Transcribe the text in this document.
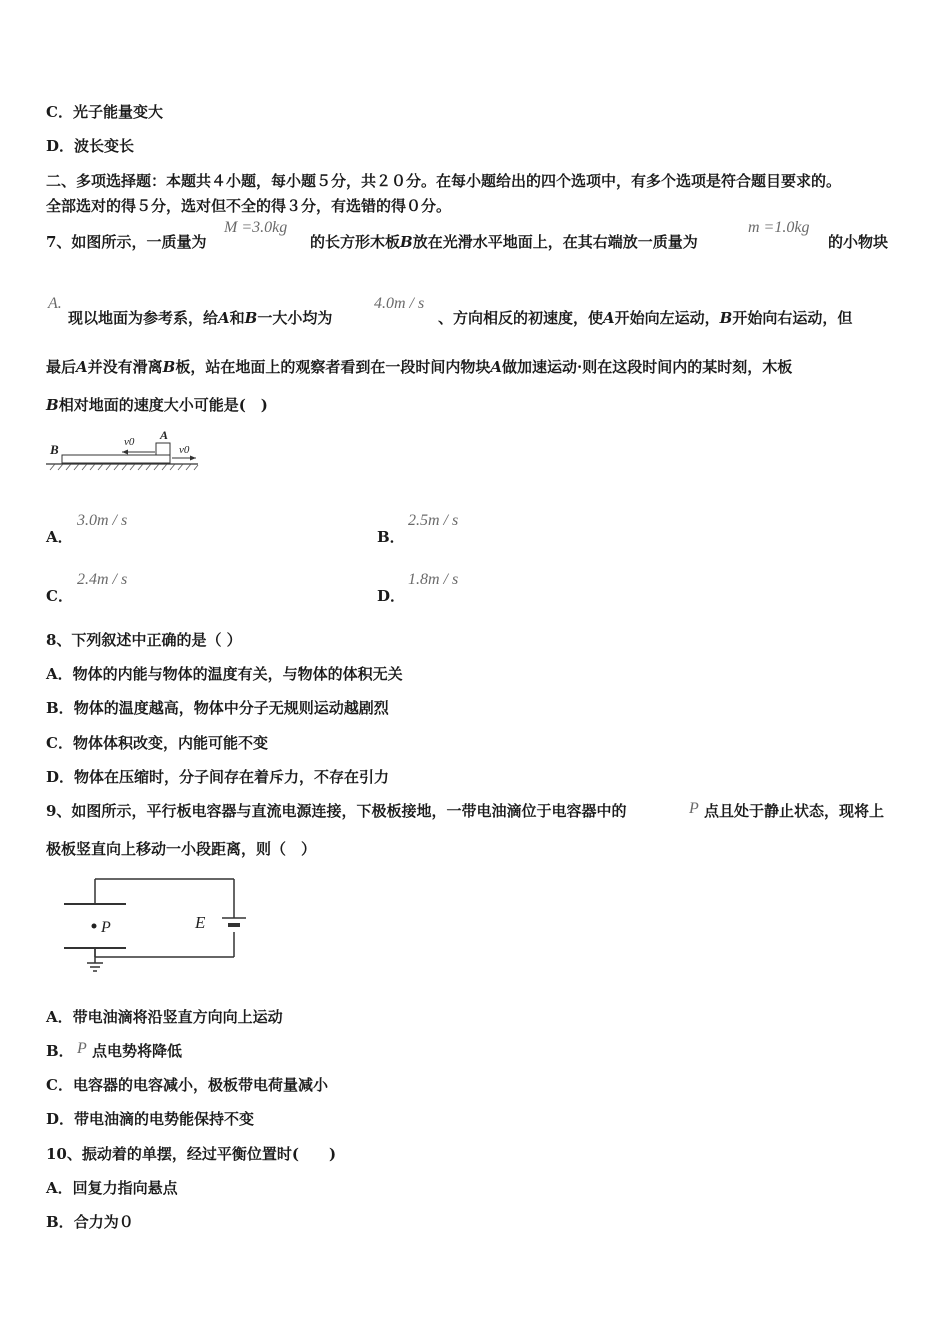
C．光子能量变大
D．波长变长
二、多项选择题：本题共４小题，每小题５分，共２０分。在每小题给出的四个选项中，有多个选项是符合题目要求的。
全部选对的得５分，选对但不全的得３分，有选错的得０分。
7、如图所示，一质量为
M =3.0kg
的长方形木板B放在光滑水平地面上，在其右端放一质量为
m =1.0kg
的小物块
A.
现以地面为参考系，给A和B一大小均为
4.0m / s
、方向相反的初速度，使A开始向左运动，B开始向右运动，但
最后A并没有滑离B板，站在地面上的观察者看到在一段时间内物块A做加速运动·则在这段时间内的某时刻，木板
B相对地面的速度大小可能是(　)
B
A
v0
v0
A．
3.0m / s
B．
2.5m / s
C．
2.4m / s
D．
1.8m / s
8、下列叙述中正确的是（ ）
A．物体的内能与物体的温度有关，与物体的体积无关
B．物体的温度越高，物体中分子无规则运动越剧烈
C．物体体积改变，内能可能不变
D．物体在压缩时，分子间存在着斥力，不存在引力
9、如图所示，平行板电容器与直流电源连接，下极板接地，一带电油滴位于电容器中的	P 点且处于静止状态，现将上
极板竖直向上移动一小段距离，则（　）
P	E
A．带电油滴将沿竖直方向向上运动
B． P 点电势将降低
C．电容器的电容减小，极板带电荷量减小
D．带电油滴的电势能保持不变
10、振动着的单摆，经过平衡位置时(　　)
A．回复力指向悬点
B．合力为０
